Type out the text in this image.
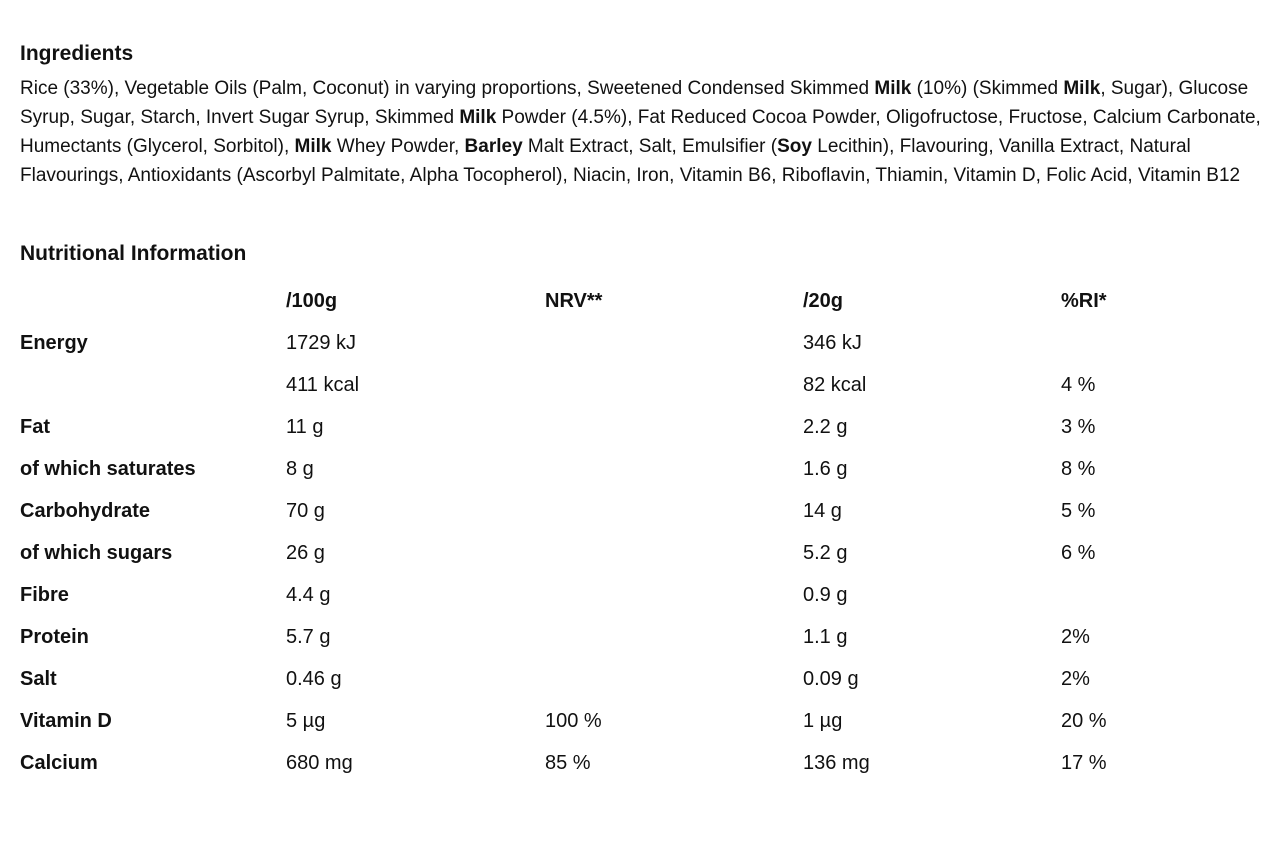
Ingredients

Rice (33%), Vegetable Oils (Palm, Coconut) in varying proportions, Sweetened Condensed Skimmed Milk (10%) (Skimmed Milk, Sugar), Glucose Syrup, Sugar, Starch, Invert Sugar Syrup, Skimmed Milk Powder (4.5%), Fat Reduced Cocoa Powder, Oligofructose, Fructose, Calcium Carbonate, Humectants (Glycerol, Sorbitol), Milk Whey Powder, Barley Malt Extract, Salt, Emulsifier (Soy Lecithin), Flavouring, Vanilla Extract, Natural Flavourings, Antioxidants (Ascorbyl Palmitate, Alpha Tocopherol), Niacin, Iron, Vitamin B6, Riboflavin, Thiamin, Vitamin D, Folic Acid, Vitamin B12

Nutritional Information
	/100g	NRV**	/20g	%RI*
Energy	1729 kJ		346 kJ	
	411 kcal		82 kcal	4 %
Fat	11 g		2.2 g	3 %
of which saturates	8 g		1.6 g	8 %
Carbohydrate	70 g		14 g	5 %
of which sugars	26 g		5.2 g	6 %
Fibre	4.4 g		0.9 g	
Protein	5.7 g		1.1 g	2%
Salt	0.46 g		0.09 g	2%
Vitamin D	5 µg	100 %	1 µg	20 %
Calcium	680 mg	85 %	136 mg	17 %
